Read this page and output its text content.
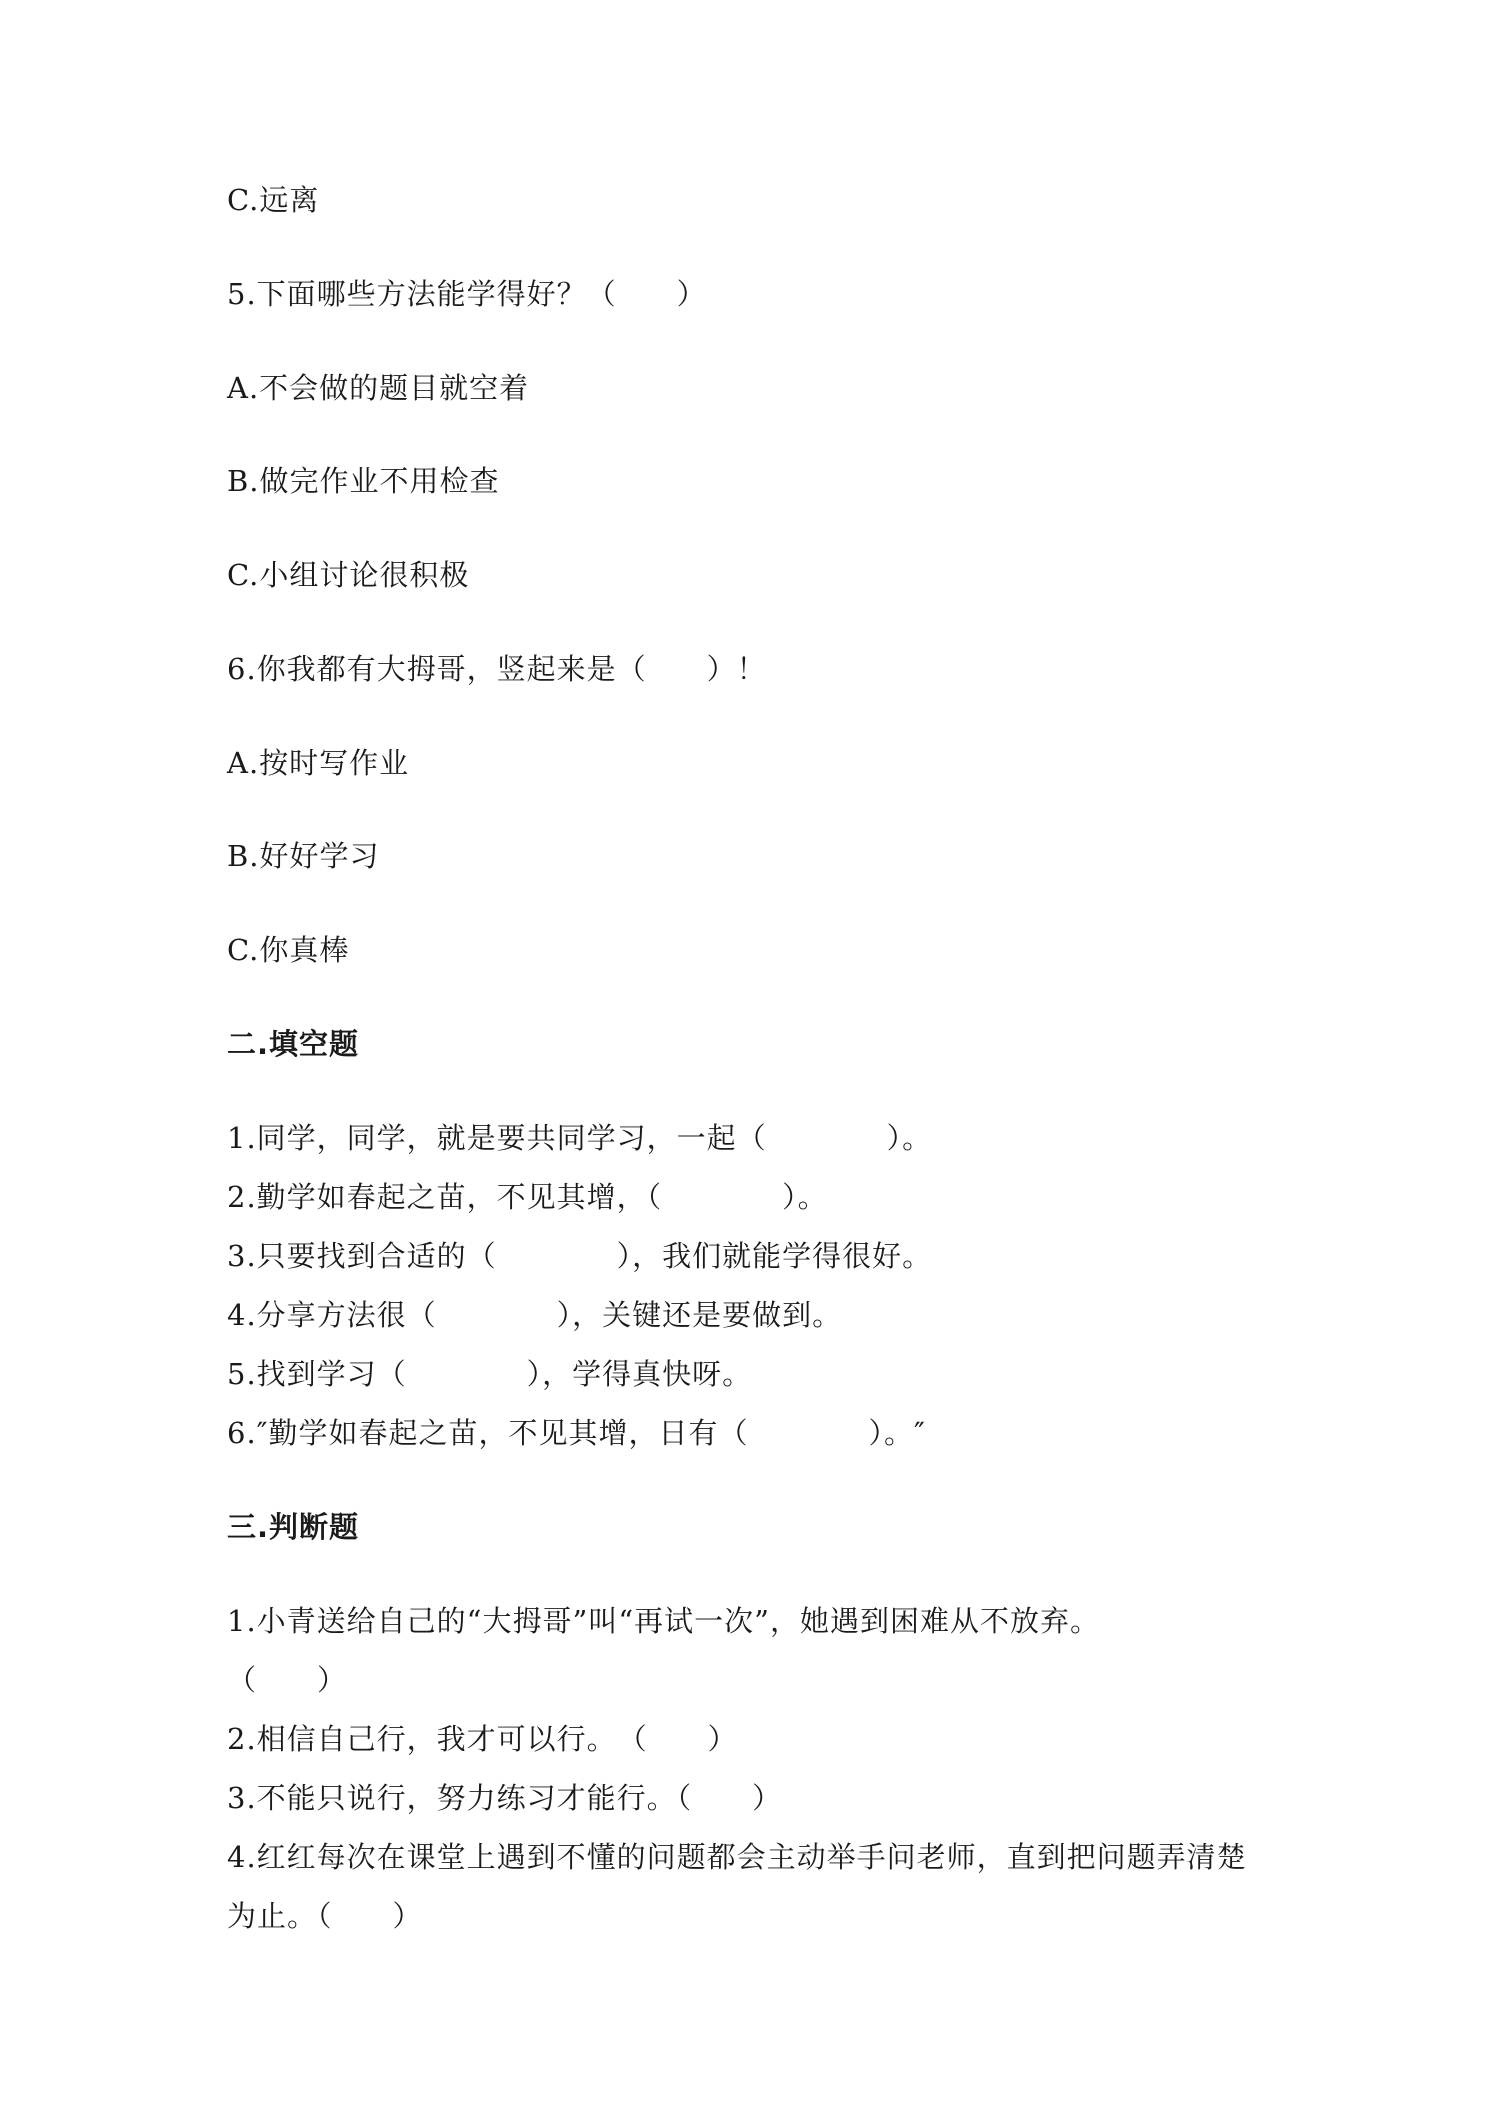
C.远离
5.下面哪些方法能学得好？（　　）
A.不会做的题目就空着
B.做完作业不用检查
C.小组讨论很积极
6.你我都有大拇哥，竖起来是（　　）！
A.按时写作业
B.好好学习
C.你真棒
二.填空题
1.同学，同学，就是要共同学习，一起（　　　　）。
2.勤学如春起之苗，不见其增，（　　　　）。
3.只要找到合适的（　　　　），我们就能学得很好。
4.分享方法很（　　　　），关键还是要做到。
5.找到学习（　　　　），学得真快呀。
6.″勤学如春起之苗，不见其增，日有（　　　　）。″
三.判断题
1.小青送给自己的“大拇哥”叫“再试一次”，她遇到困难从不放弃。
（　　）
2.相信自己行，我才可以行。　（　　）
3.不能只说行，努力练习才能行。（　　）
4.红红每次在课堂上遇到不懂的问题都会主动举手问老师，直到把问题弄清楚
为止。（　　）
